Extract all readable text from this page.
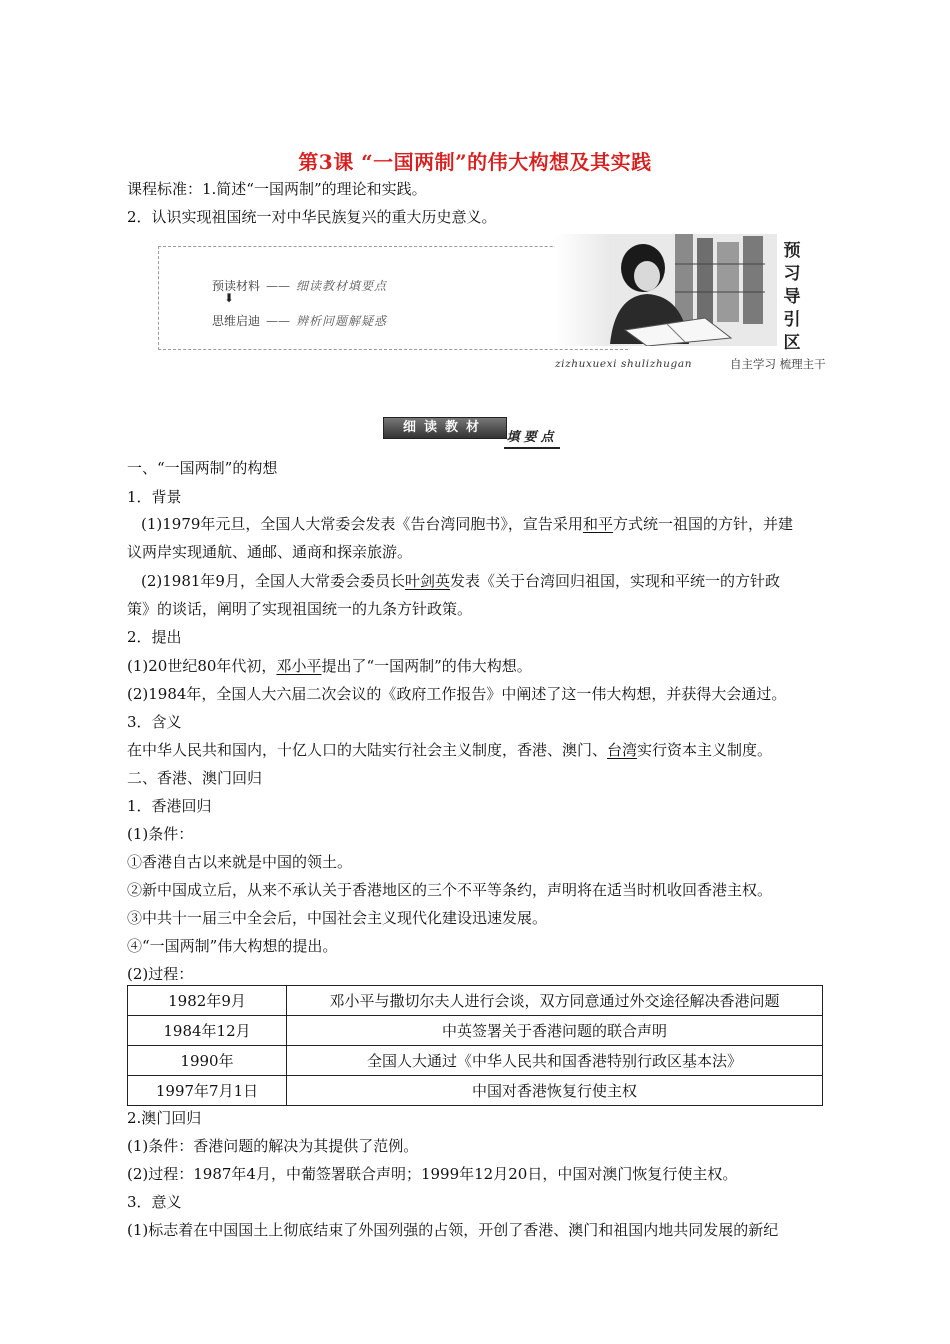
第3课 “一国两制”的伟大构想及其实践
课程标准：1.简述“一国两制”的理论和实践。
2．认识实现祖国统一对中华民族复兴的重大历史意义。
预读材料 —— 细读教材填要点
⬇
思维启迪 —— 辨析问题解疑惑
预
习
导
引
区
zizhuxuexi shulizhugan	自主学习 梳理主干
细读教材
填要点
一、“一国两制”的构想
1．背景
(1)1979年元旦，全国人大常委会发表《告台湾同胞书》，宣告采用和平方式统一祖国的方针，并建
议两岸实现通航、通邮、通商和探亲旅游。
(2)1981年9月，全国人大常委会委员长叶剑英发表《关于台湾回归祖国，实现和平统一的方针政
策》的谈话，阐明了实现祖国统一的九条方针政策。
2．提出
(1)20世纪80年代初，邓小平提出了“一国两制”的伟大构想。
(2)1984年，全国人大六届二次会议的《政府工作报告》中阐述了这一伟大构想，并获得大会通过。
3．含义
在中华人民共和国内，十亿人口的大陆实行社会主义制度，香港、澳门、台湾实行资本主义制度。
二、香港、澳门回归
1．香港回归
(1)条件：
①香港自古以来就是中国的领土。
②新中国成立后，从来不承认关于香港地区的三个不平等条约，声明将在适当时机收回香港主权。
③中共十一届三中全会后，中国社会主义现代化建设迅速发展。
④“一国两制”伟大构想的提出。
(2)过程：
1982年9月	邓小平与撒切尔夫人进行会谈，双方同意通过外交途径解决香港问题
1984年12月	中英签署关于香港问题的联合声明
1990年	全国人大通过《中华人民共和国香港特别行政区基本法》
1997年7月1日	中国对香港恢复行使主权
2.澳门回归
(1)条件：香港问题的解决为其提供了范例。
(2)过程：1987年4月，中葡签署联合声明；1999年12月20日，中国对澳门恢复行使主权。
3．意义
(1)标志着在中国国土上彻底结束了外国列强的占领，开创了香港、澳门和祖国内地共同发展的新纪
